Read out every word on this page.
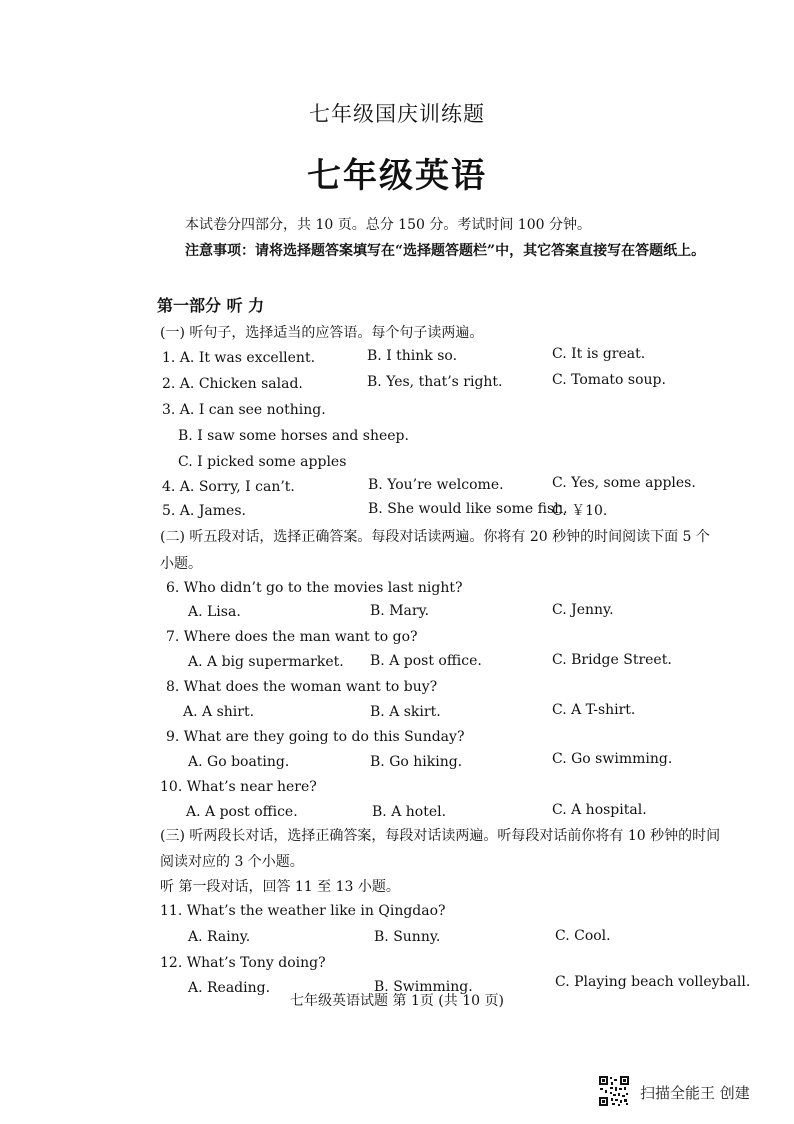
七年级国庆训练题
七年级英语
本试卷分四部分，共 10 页。总分 150 分。考试时间 100 分钟。
注意事项：请将选择题答案填写在“选择题答题栏”中，其它答案直接写在答题纸上。
第一部分 听 力
(一) 听句子，选择适当的应答语。每个句子读两遍。
1. A. It was excellent.	B. I think so.	C. It is great.
2. A. Chicken salad.	B. Yes, that’s right.	C. Tomato soup.
3. A. I can see nothing.
B. I saw some horses and sheep.
C. I picked some apples
4. A. Sorry, I can’t.	B. You’re welcome.	C. Yes, some apples.
5. A. James.	B. She would like some fish.
C. ￥10.
(二) 听五段对话，选择正确答案。每段对话读两遍。你将有 20 秒钟的时间阅读下面 5 个
小题。
6. Who didn’t go to the movies last night?
A. Lisa.	B. Mary.	C. Jenny.
7. Where does the man want to go?
A. A big supermarket. B. A post office.	C. Bridge Street.
8. What does the woman want to buy?
A. A shirt.	B. A skirt.	C. A T-shirt.
9. What are they going to do this Sunday?
A. Go boating.	B. Go hiking.	C. Go swimming.
10. What’s near here?
A. A post office.	B. A hotel.	C. A hospital.
(三) 听两段长对话，选择正确答案，每段对话读两遍。听每段对话前你将有 10 秒钟的时间
阅读对应的 3 个小题。
听 第一段对话，回答 11 至 13 小题。
11. What’s the weather like in Qingdao?
A. Rainy.	B. Sunny.	C. Cool.
12. What’s Tony doing?
A. Reading.	B. Swimming.	C. Playing beach volleyball.
七年级英语试题 第 1页 (共 10 页)
扫描全能王 创建
